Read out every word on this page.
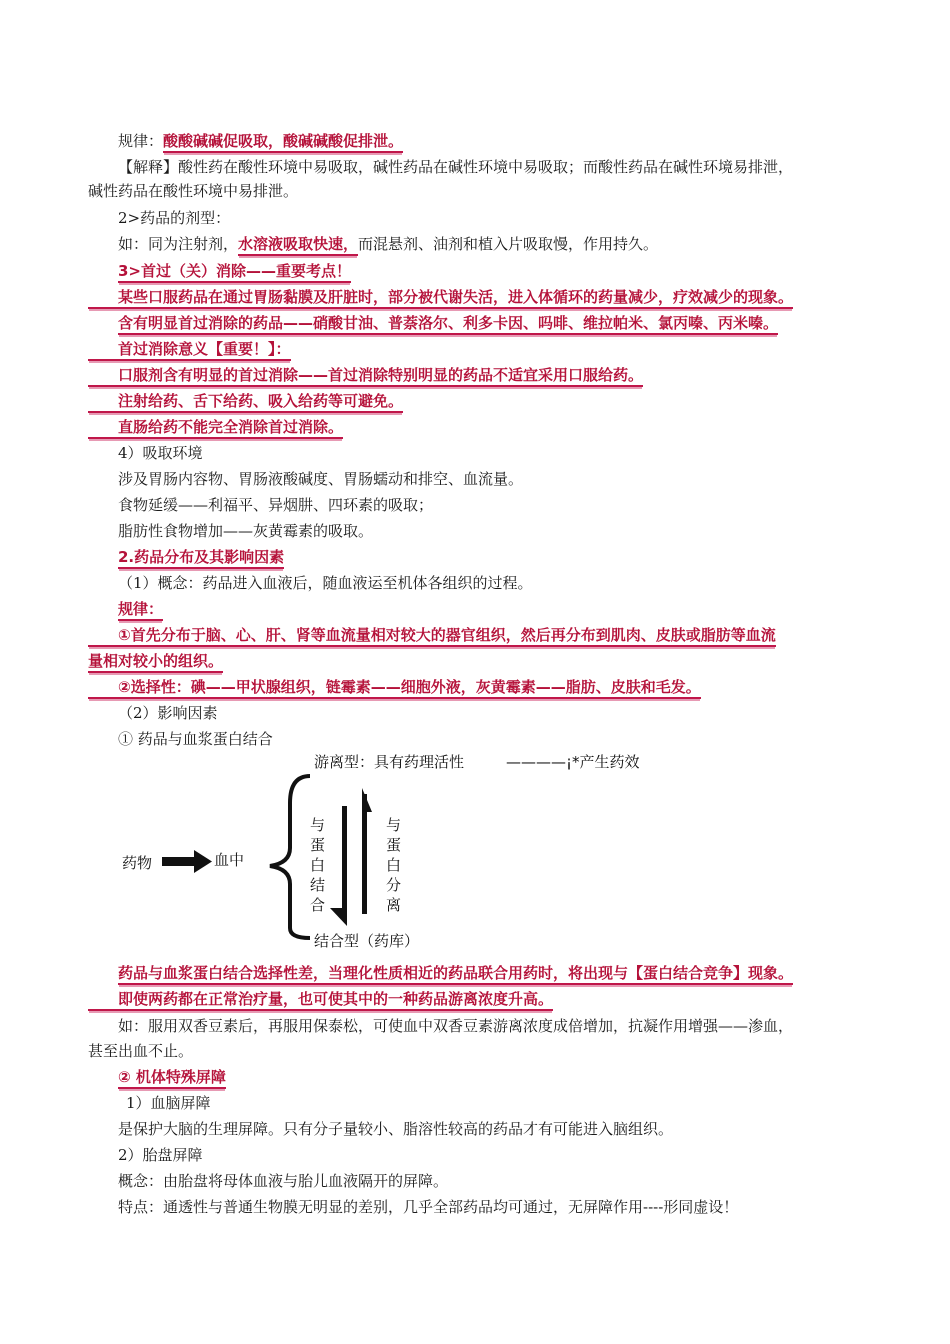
规律：酸酸碱碱促吸取，酸碱碱酸促排泄。
【解释】酸性药在酸性环境中易吸取，碱性药品在碱性环境中易吸取；而酸性药品在碱性环境易排泄，
碱性药品在酸性环境中易排泄。
2>药品的剂型：
如：同为注射剂，水溶液吸取快速，而混悬剂、油剂和植入片吸取慢，作用持久。
3>首过（关）消除——重要考点！
某些口服药品在通过胃肠黏膜及肝脏时，部分被代谢失活，进入体循环的药量减少，疗效减少的现象。
含有明显首过消除的药品——硝酸甘油、普萘洛尔、利多卡因、吗啡、维拉帕米、氯丙嗪、丙米嗪。
首过消除意义【重要！】：
口服剂含有明显的首过消除——首过消除特别明显的药品不适宜采用口服给药。
注射给药、舌下给药、吸入给药等可避免。
直肠给药不能完全消除首过消除。
4）吸取环境
涉及胃肠内容物、胃肠液酸碱度、胃肠蠕动和排空、血流量。
食物延缓——利福平、异烟肼、四环素的吸取；
脂肪性食物增加——灰黄霉素的吸取。
2.药品分布及其影响因素
（1）概念：药品进入血液后，随血液运至机体各组织的过程。
规律：
①首先分布于脑、心、肝、肾等血流量相对较大的器官组织，然后再分布到肌肉、皮肤或脂肪等血流
量相对较小的组织。
②选择性：碘——甲状腺组织，链霉素——细胞外液，灰黄霉素——脂肪、皮肤和毛发。
（2）影响因素
① 药品与血浆蛋白结合
游离型：具有药理活性	————¡*产生药效
药物	血中
与
蛋
白
结
合
与
蛋
白
分
离
结合型（药库）
药品与血浆蛋白结合选择性差，当理化性质相近的药品联合用药时，将出现与【蛋白结合竞争】现象。
即使两药都在正常治疗量，也可使其中的一种药品游离浓度升高。
如：服用双香豆素后，再服用保泰松，可使血中双香豆素游离浓度成倍增加，抗凝作用增强——渗血，
甚至出血不止。
② 机体特殊屏障
1）血脑屏障
是保护大脑的生理屏障。只有分子量较小、脂溶性较高的药品才有可能进入脑组织。
2）胎盘屏障
概念：由胎盘将母体血液与胎儿血液隔开的屏障。
特点：通透性与普通生物膜无明显的差别，几乎全部药品均可通过，无屏障作用----形同虚设！
